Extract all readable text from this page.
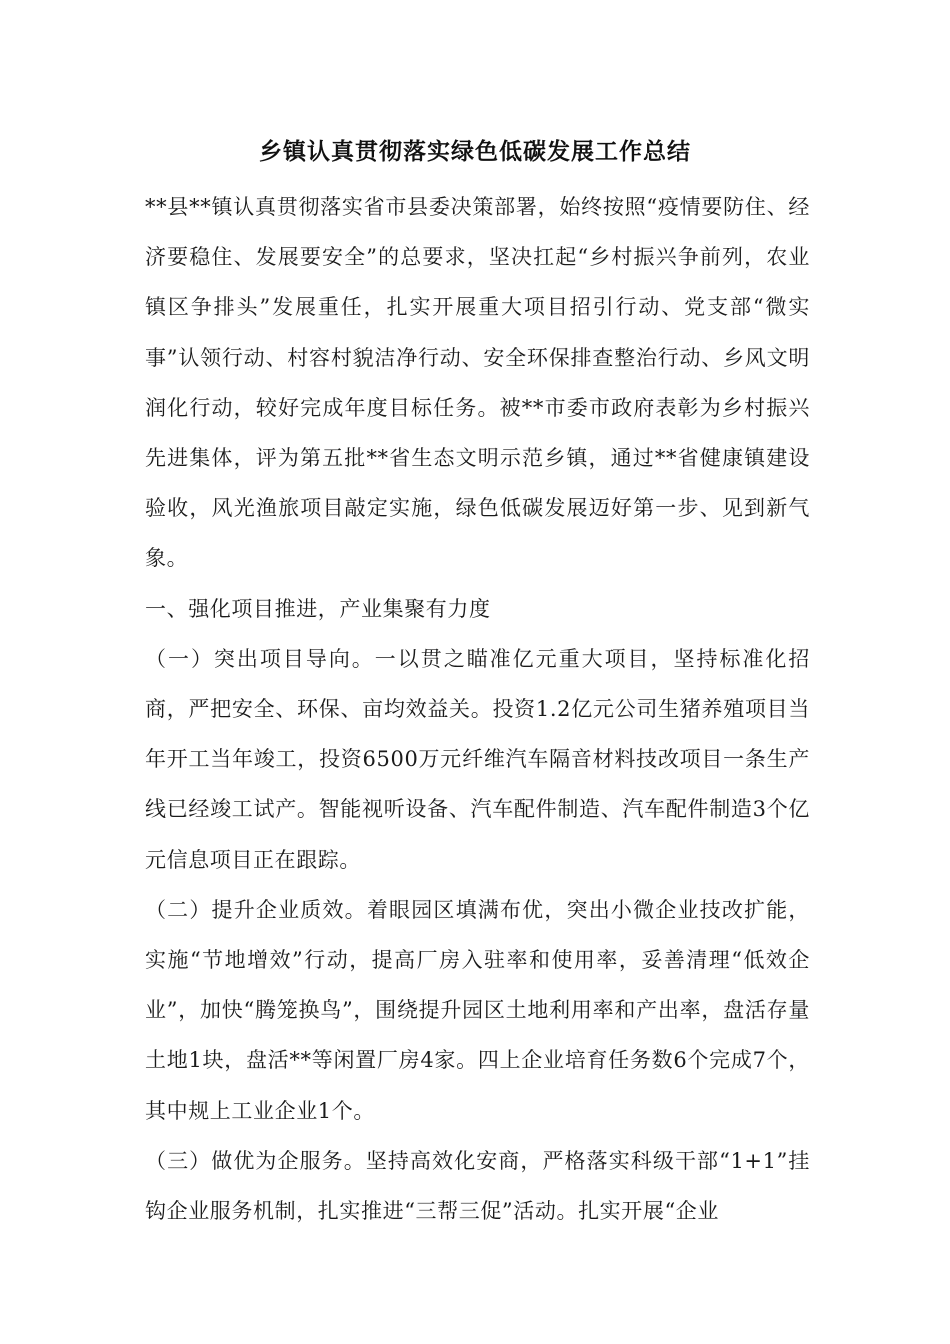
乡镇认真贯彻落实绿色低碳发展工作总结

**县**镇认真贯彻落实省市县委决策部署，始终按照“疫情要防住、经济要稳住、发展要安全”的总要求，坚决扛起“乡村振兴争前列，农业镇区争排头”发展重任，扎实开展重大项目招引行动、党支部“微实事”认领行动、村容村貌洁净行动、安全环保排查整治行动、乡风文明润化行动，较好完成年度目标任务。被**市委市政府表彰为乡村振兴先进集体，评为第五批**省生态文明示范乡镇，通过**省健康镇建设验收，风光渔旅项目敲定实施，绿色低碳发展迈好第一步、见到新气象。

一、强化项目推进，产业集聚有力度

（一）突出项目导向。一以贯之瞄准亿元重大项目，坚持标准化招商，严把安全、环保、亩均效益关。投资1.2亿元公司生猪养殖项目当年开工当年竣工，投资6500万元纤维汽车隔音材料技改项目一条生产线已经竣工试产。智能视听设备、汽车配件制造、汽车配件制造3个亿元信息项目正在跟踪。

（二）提升企业质效。着眼园区填满布优，突出小微企业技改扩能，实施“节地增效”行动，提高厂房入驻率和使用率，妥善清理“低效企业”，加快“腾笼换鸟”，围绕提升园区土地利用率和产出率，盘活存量土地1块，盘活**等闲置厂房4家。四上企业培育任务数6个完成7个，其中规上工业企业1个。

（三）做优为企服务。坚持高效化安商，严格落实科级干部“1+1”挂钩企业服务机制，扎实推进“三帮三促”活动。扎实开展“企业
